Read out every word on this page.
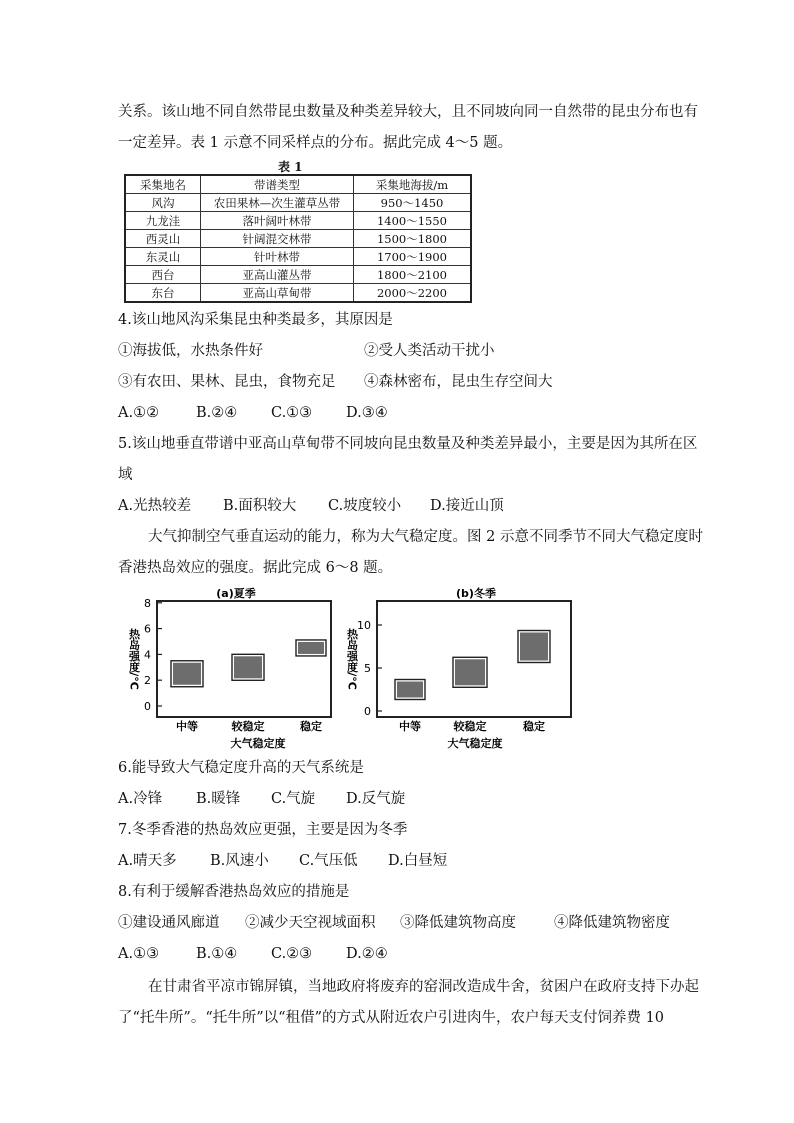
关系。该山地不同自然带昆虫数量及种类差异较大，且不同坡向同一自然带的昆虫分布也有
一定差异。表 1 示意不同采样点的分布。据此完成 4～5 题。
表 1
采集地名	带谱类型	采集地海拔/m
风沟	农田果林—次生灌草丛带	950～1450
九龙洼	落叶阔叶林带	1400～1550
西灵山	针阔混交林带	1500～1800
东灵山	针叶林带	1700～1900
西台	亚高山灌丛带	1800～2100
东台	亚高山草甸带	2000～2200
4.该山地风沟采集昆虫种类最多，其原因是
①海拔低，水热条件好	②受人类活动干扰小
③有农田、果林、昆虫，食物充足 ④森林密布，昆虫生存空间大
A.①②	B.②④ C.①③ D.③④
5.该山地垂直带谱中亚高山草甸带不同坡向昆虫数量及种类差异最小，主要是因为其所在区
域
A.光热较差 B.面积较大 C.坡度较小 D.接近山顶
大气抑制空气垂直运动的能力，称为大气稳定度。图 2 示意不同季节不同大气稳定度时
香港热岛效应的强度。据此完成 6～8 题。
(a)夏季
0
2
4
6
8
热岛强度/°C
中等	较稳定	稳定
大气稳定度
(b)冬季
0
5
10
热岛强度/°C
中等	较稳定	稳定
大气稳定度
6.能导致大气稳定度升高的天气系统是
A.冷锋 B.暖锋 C.气旋 D.反气旋
7.冬季香港的热岛效应更强，主要是因为冬季
A.晴天多 B.风速小 C.气压低 D.白昼短
8.有利于缓解香港热岛效应的措施是
①建设通风廊道 ②减少天空视域面积 ③降低建筑物高度	④降低建筑物密度
A.①③	B.①④ C.②③ D.②④
在甘肃省平凉市锦屏镇，当地政府将废弃的窑洞改造成牛舍，贫困户在政府支持下办起
了“托牛所”。“托牛所”以“租借”的方式从附近农户引进肉牛，农户每天支付饲养费 10
